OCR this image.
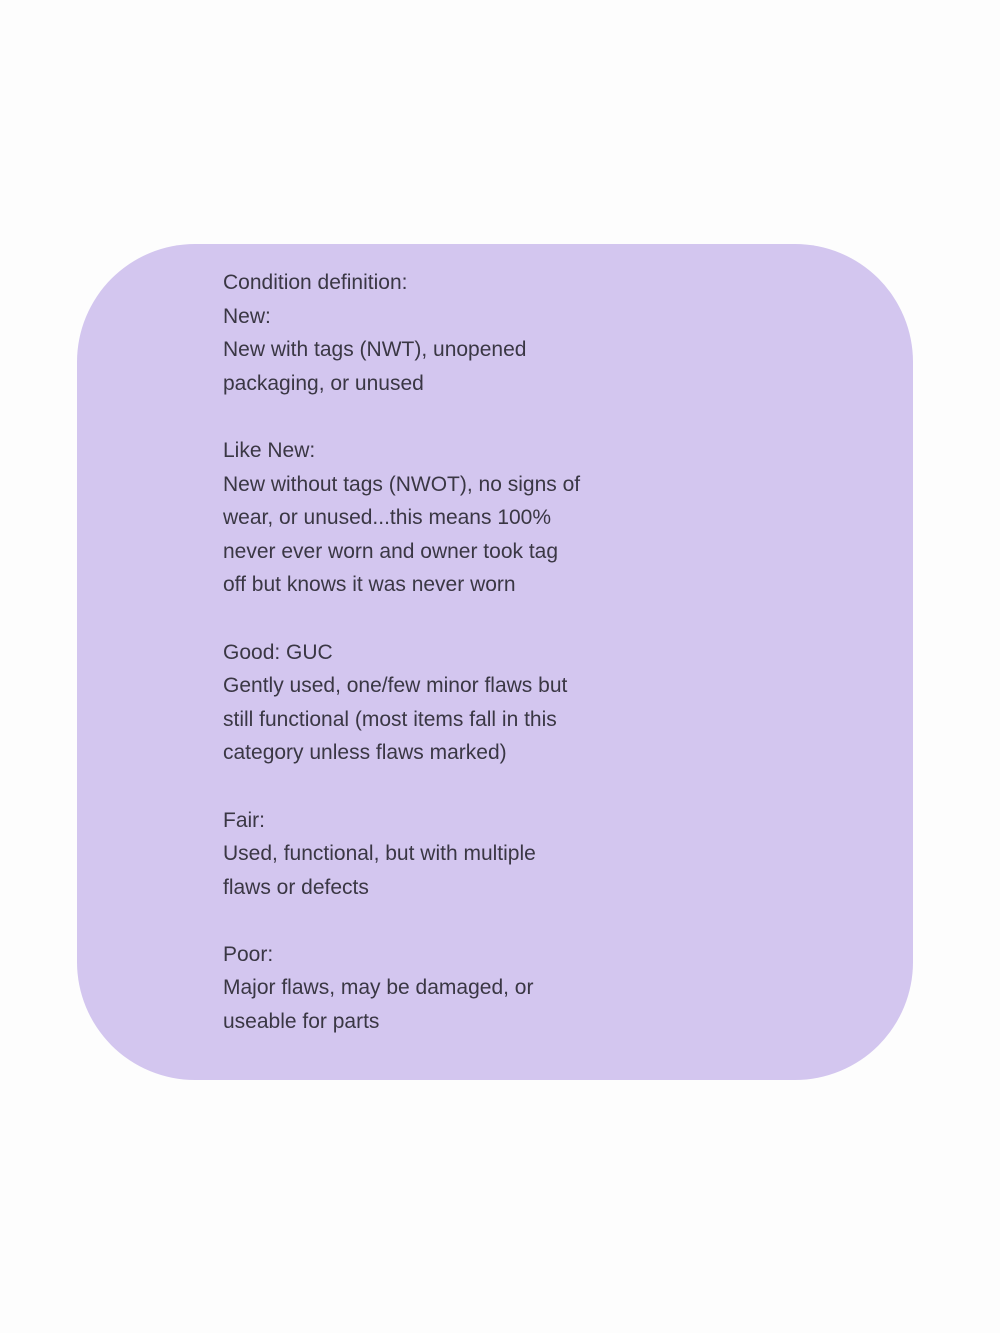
Condition definition:
New:
New with tags (NWT), unopened
packaging, or unused
Like New:
New without tags (NWOT), no signs of
wear, or unused...this means 100%
never ever worn and owner took tag
off but knows it was never worn
Good: GUC
Gently used, one/few minor flaws but
still functional (most items fall in this
category unless flaws marked)
Fair:
Used, functional, but with multiple
flaws or defects
Poor:
Major flaws, may be damaged, or
useable for parts
